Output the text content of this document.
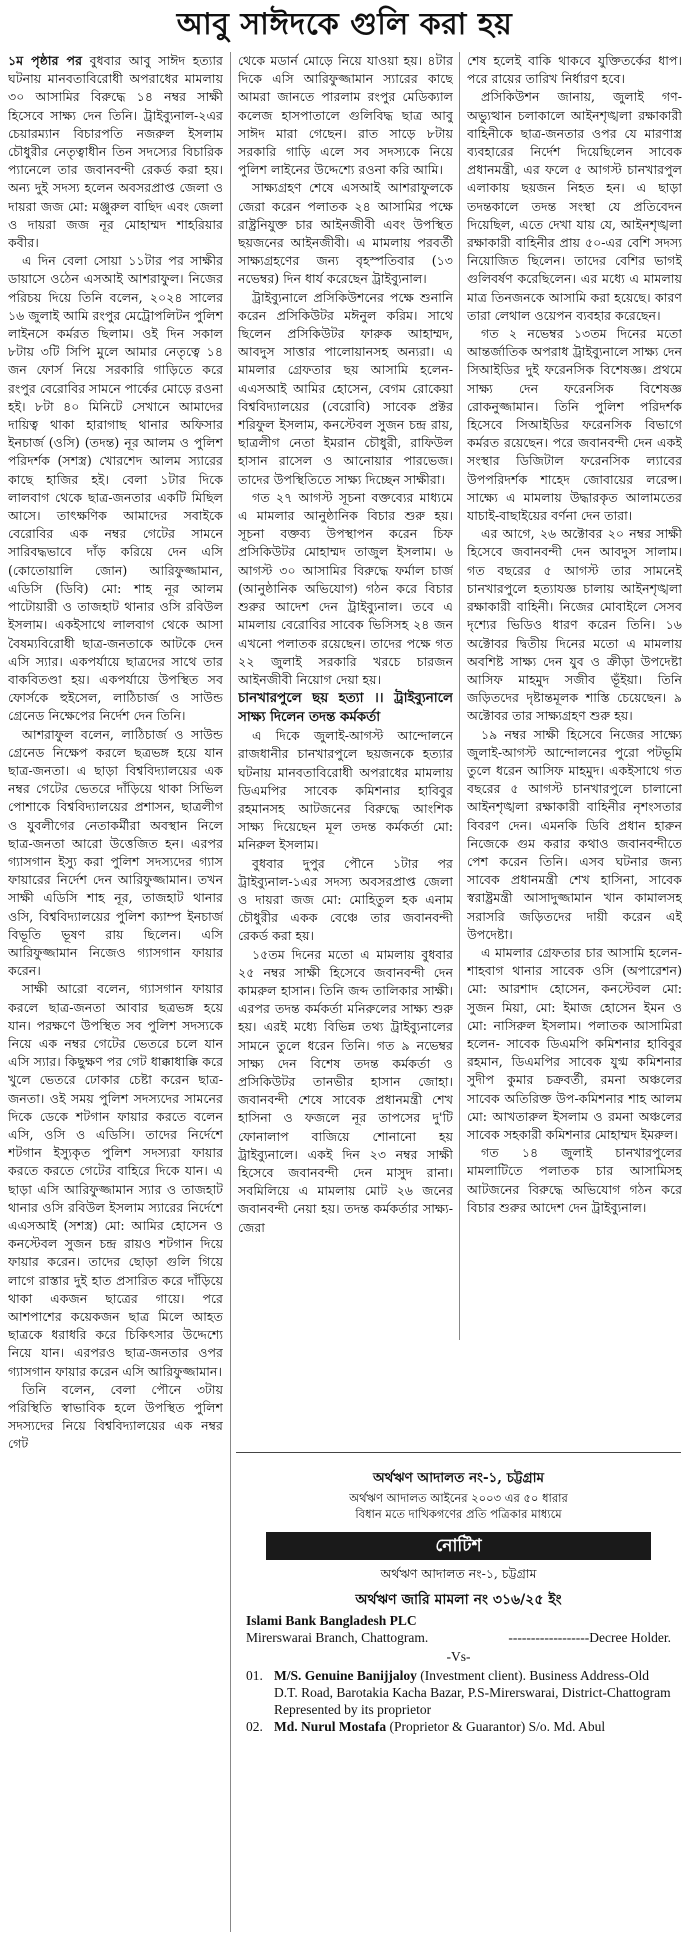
আবু সাঈদকে গুলি করা হয়

১ম পৃষ্ঠার পর বুধবার আবু সাঈদ হত্যার ঘটনায় মানবতাবিরোধী অপরাধের মামলায় ৩০ আসামির বিরুদ্ধে ১৪ নম্বর সাক্ষী হিসেবে সাক্ষ্য দেন তিনি। ট্রাইব্যুনাল-২এর চেয়ারম্যান বিচারপতি নজরুল ইসলাম চৌধুরীর নেতৃত্বাধীন তিন সদস্যের বিচারিক প্যানেলে তার জবানবন্দী রেকর্ড করা হয়। অন্য দুই সদস্য হলেন অবসরপ্রাপ্ত জেলা ও দায়রা জজ মো: মঞ্জুরুল বাছিদ এবং জেলা ও দায়রা জজ নূর মোহাম্মদ শাহরিয়ার কবীর।

এ দিন বেলা সোয়া ১১টার পর সাক্ষীর ডায়াসে ওঠেন এসআই আশরাফুল। নিজের পরিচয় দিয়ে তিনি বলেন, ২০২৪ সালের ১৬ জুলাই আমি রংপুর মেট্রোপলিটন পুলিশ লাইনসে কর্মরত ছিলাম। ওই দিন সকাল ৮টায় ৩টি সিপি মুলে আমার নেতৃত্বে ১৪ জন ফোর্স নিয়ে সরকারি গাড়িতে করে রংপুর বেরোবির সামনে পার্কের মোড়ে রওনা হই। ৮টা ৪০ মিনিটে সেখানে আমাদের দায়িত্ব থাকা হারাগাছ থানার অফিসার ইনচার্জ (ওসি) (তদন্ত) নূর আলম ও পুলিশ পরিদর্শক (সশস্ত্র) খোরশেদ আলম স্যারের কাছে হাজির হই। বেলা ১টার দিকে লালবাগ থেকে ছাত্র-জনতার একটি মিছিল আসে। তাৎক্ষণিক আমাদের সবাইকে বেরোবির এক নম্বর গেটের সামনে সারিবদ্ধভাবে দাঁড় করিয়ে দেন এসি (কোতোয়ালি জোন) আরিফুজ্জামান, এডিসি (ডিবি) মো: শাহ নূর আলম পাটোয়ারী ও তাজহাট থানার ওসি রবিউল ইসলাম। একইসাথে লালবাগ থেকে আসা বৈষম্যবিরোধী ছাত্র-জনতাকে আটকে দেন এসি স্যার। একপর্যায়ে ছাত্রদের সাথে তার বাকবিতণ্ডা হয়। একপর্যায়ে উপস্থিত সব ফোর্সকে হুইসেল, লাঠিচার্জ ও সাউন্ড গ্রেনেড নিক্ষেপের নির্দেশ দেন তিনি।

আশরাফুল বলেন, লাঠিচার্জ ও সাউন্ড গ্রেনেড নিক্ষেপ করলে ছত্রভঙ্গ হয়ে যান ছাত্র-জনতা। এ ছাড়া বিশ্ববিদ্যালয়ের এক নম্বর গেটের ভেতরে দাঁড়িয়ে থাকা সিভিল পোশাকে বিশ্ববিদ্যালয়ের প্রশাসন, ছাত্রলীগ ও যুবলীগের নেতাকর্মীরা অবস্থান নিলে ছাত্র-জনতা আরো উত্তেজিত হন। এরপর গ্যাসগান ইস্যু করা পুলিশ সদস্যদের গ্যাস ফায়ারের নির্দেশ দেন আরিফুজ্জামান। তখন সাক্ষী এডিসি শাহ নূর, তাজহাট থানার ওসি, বিশ্ববিদ্যালয়ের পুলিশ ক্যাম্প ইনচার্জ বিভূতি ভূষণ রায় ছিলেন। এসি আরিফুজ্জামান নিজেও গ্যাসগান ফায়ার করেন।

সাক্ষী আরো বলেন, গ্যাসগান ফায়ার করলে ছাত্র-জনতা আবার ছত্রভঙ্গ হয়ে যান। পরক্ষণে উপস্থিত সব পুলিশ সদস্যকে নিয়ে এক নম্বর গেটের ভেতরে চলে যান এসি স্যার। কিছুক্ষণ পর গেট ধাক্কাধাক্কি করে খুলে ভেতরে ঢোকার চেষ্টা করেন ছাত্র-জনতা। ওই সময় পুলিশ সদস্যদের সামনের দিকে ডেকে শটগান ফায়ার করতে বলেন এসি, ওসি ও এডিসি। তাদের নির্দেশে শটগান ইস্যুকৃত পুলিশ সদস্যরা ফায়ার করতে করতে গেটের বাহিরে দিকে যান। এ ছাড়া এসি আরিফুজ্জামান স্যার ও তাজহাট থানার ওসি রবিউল ইসলাম স্যারের নির্দেশে এএসআই (সশস্ত্র) মো: আমির হোসেন ও কনস্টেবল সুজন চন্দ্র রায়ও শটগান দিয়ে ফায়ার করেন। তাদের ছোড়া গুলি গিয়ে লাগে রাস্তার দুই হাত প্রসারিত করে দাঁড়িয়ে থাকা একজন ছাত্রের গায়ে। পরে আশপাশের কয়েকজন ছাত্র মিলে আহত ছাত্রকে ধরাধরি করে চিকিৎসার উদ্দেশ্যে নিয়ে যান। এরপরও ছাত্র-জনতার ওপর গ্যাসগান ফায়ার করেন এসি আরিফুজ্জামান।

তিনি বলেন, বেলা পৌনে ৩টায় পরিস্থিতি স্বাভাবিক হলে উপস্থিত পুলিশ সদস্যদের নিয়ে বিশ্ববিদ্যালয়ের এক নম্বর গেট

থেকে মডার্ন মোড়ে নিয়ে যাওয়া হয়। ৪টার দিকে এসি আরিফুজ্জামান স্যারের কাছে আমরা জানতে পারলাম রংপুর মেডিক্যাল কলেজ হাসপাতালে গুলিবিদ্ধ ছাত্র আবু সাঈদ মারা গেছেন। রাত সাড়ে ৮টায় সরকারি গাড়ি এলে সব সদস্যকে নিয়ে পুলিশ লাইনের উদ্দেশ্যে রওনা করি আমি।

সাক্ষ্যগ্রহণ শেষে এসআই আশরাফুলকে জেরা করেন পলাতক ২৪ আসামির পক্ষে রাষ্ট্রনিযুক্ত চার আইনজীবী এবং উপস্থিত ছয়জনের আইনজীবী। এ মামলায় পরবর্তী সাক্ষ্যগ্রহণের জন্য বৃহস্পতিবার (১৩ নভেম্বর) দিন ধার্য করেছেন ট্রাইব্যুনাল।

ট্রাইব্যুনালে প্রসিকিউশনের পক্ষে শুনানি করেন প্রসিকিউটর মঈনুল করিম। সাথে ছিলেন প্রসিকিউটর ফারুক আহাম্মদ, আবদুস সাত্তার পালোয়ানসহ অন্যরা। এ মামলার গ্রেফতার ছয় আসামি হলেন- এএসআই আমির হোসেন, বেগম রোকেয়া বিশ্ববিদ্যালয়ের (বেরোবি) সাবেক প্রক্টর শরিফুল ইসলাম, কনস্টেবল সুজন চন্দ্র রায়, ছাত্রলীগ নেতা ইমরান চৌধুরী, রাফিউল হাসান রাসেল ও আনোয়ার পারভেজ। তাদের উপস্থিতিতে সাক্ষ্য দিচ্ছেন সাক্ষীরা।

গত ২৭ আগস্ট সূচনা বক্তব্যের মাধ্যমে এ মামলার আনুষ্ঠানিক বিচার শুরু হয়। সূচনা বক্তব্য উপস্থাপন করেন চিফ প্রসিকিউটর মোহাম্মদ তাজুল ইসলাম। ৬ আগস্ট ৩০ আসামির বিরুদ্ধে ফর্মাল চার্জ (আনুষ্ঠানিক অভিযোগ) গঠন করে বিচার শুরুর আদেশ দেন ট্রাইব্যুনাল। তবে এ মামলায় বেরোবির সাবেক ভিসিসহ ২৪ জন এখনো পলাতক রয়েছেন। তাদের পক্ষে গত ২২ জুলাই সরকারি খরচে চারজন আইনজীবী নিয়োগ দেয়া হয়।

চানখারপুলে ছয় হত্যা ।। ট্রাইব্যুনালে সাক্ষ্য দিলেন তদন্ত কর্মকর্তা

এ দিকে জুলাই-আগস্ট আন্দোলনে রাজধানীর চানখারপুলে ছয়জনকে হত্যার ঘটনায় মানবতাবিরোধী অপরাধের মামলায় ডিএমপির সাবেক কমিশনার হাবিবুর রহমানসহ আটজনের বিরুদ্ধে আংশিক সাক্ষ্য দিয়েছেন মূল তদন্ত কর্মকর্তা মো: মনিরুল ইসলাম।

বুধবার দুপুর পৌনে ১টার পর ট্রাইব্যুনাল-১এর সদস্য অবসরপ্রাপ্ত জেলা ও দায়রা জজ মো: মোহিতুল হক এনাম চৌধুরীর একক বেঞ্চে তার জবানবন্দী রেকর্ড করা হয়।

১৫তম দিনের মতো এ মামলায় বুধবার ২৫ নম্বর সাক্ষী হিসেবে জবানবন্দী দেন কামরুল হাসান। তিনি জব্দ তালিকার সাক্ষী। এরপর তদন্ত কর্মকর্তা মনিরুলের সাক্ষ্য শুরু হয়। এরই মধ্যে বিভিন্ন তথ্য ট্রাইব্যুনালের সামনে তুলে ধরেন তিনি। গত ৯ নভেম্বর সাক্ষ্য দেন বিশেষ তদন্ত কর্মকর্তা ও প্রসিকিউটর তানভীর হাসান জোহা। জবানবন্দী শেষে সাবেক প্রধানমন্ত্রী শেখ হাসিনা ও ফজলে নূর তাপসের দু'টি ফোনালাপ বাজিয়ে শোনানো হয় ট্রাইব্যুনালে। একই দিন ২৩ নম্বর সাক্ষী হিসেবে জবানবন্দী দেন মাসুদ রানা। সবমিলিয়ে এ মামলায় মোট ২৬ জনের জবানবন্দী নেয়া হয়। তদন্ত কর্মকর্তার সাক্ষ্য-জেরা

শেষ হলেই বাকি থাকবে যুক্তিতর্কের ধাপ। পরে রায়ের তারিখ নির্ধারণ হবে।

প্রসিকিউশন জানায়, জুলাই গণ-অভ্যুত্থান চলাকালে আইনশৃঙ্খলা রক্ষাকারী বাহিনীকে ছাত্র-জনতার ওপর যে মারণাস্ত্র ব্যবহারের নির্দেশ দিয়েছিলেন সাবেক প্রধানমন্ত্রী, এর ফলে ৫ আগস্ট চানখারপুল এলাকায় ছয়জন নিহত হন। এ ছাড়া তদন্তকালে তদন্ত সংস্থা যে প্রতিবেদন দিয়েছিল, এতে দেখা যায় যে, আইনশৃঙ্খলা রক্ষাকারী বাহিনীর প্রায় ৫০-এর বেশি সদস্য নিয়োজিত ছিলেন। তাদের বেশির ভাগই গুলিবর্ষণ করেছিলেন। এর মধ্যে এ মামলায় মাত্র তিনজনকে আসামি করা হয়েছে। কারণ তারা লেথাল ওয়েপন ব্যবহার করেছেন।

গত ২ নভেম্বর ১৩তম দিনের মতো আন্তর্জাতিক অপরাধ ট্রাইব্যুনালে সাক্ষ্য দেন সিআইডির দুই ফরেনসিক বিশেষজ্ঞ। প্রথমে সাক্ষ্য দেন ফরেনসিক বিশেষজ্ঞ রোকনুজ্জামান। তিনি পুলিশ পরিদর্শক হিসেবে সিআইডির ফরেনসিক বিভাগে কর্মরত রয়েছেন। পরে জবানবন্দী দেন একই সংস্থার ডিজিটাল ফরেনসিক ল্যাবের উপপরিদর্শক শাহেদ জোবায়ের লরেন্স। সাক্ষ্যে এ মামলায় উদ্ধারকৃত আলামতের যাচাই-বাছাইয়ের বর্ণনা দেন তারা।

এর আগে, ২৬ অক্টোবর ২০ নম্বর সাক্ষী হিসেবে জবানবন্দী দেন আবদুস সালাম। গত বছরের ৫ আগস্ট তার সামনেই চানখারপুলে হত্যাযজ্ঞ চালায় আইনশৃঙ্খলা রক্ষাকারী বাহিনী। নিজের মোবাইলে সেসব দৃশ্যের ভিডিও ধারণ করেন তিনি। ১৬ অক্টোবর দ্বিতীয় দিনের মতো এ মামলায় অবশিষ্ট সাক্ষ্য দেন যুব ও ক্রীড়া উপদেষ্টা আসিফ মাহমুদ সজীব ভূঁইয়া। তিনি জড়িতদের দৃষ্টান্তমূলক শাস্তি চেয়েছেন। ৯ অক্টোবর তার সাক্ষ্যগ্রহণ শুরু হয়।

১৯ নম্বর সাক্ষী হিসেবে নিজের সাক্ষ্যে জুলাই-আগস্ট আন্দোলনের পুরো পটভূমি তুলে ধরেন আসিফ মাহমুদ। একইসাথে গত বছরের ৫ আগস্ট চানখারপুলে চালানো আইনশৃঙ্খলা রক্ষাকারী বাহিনীর নৃশংসতার বিবরণ দেন। এমনকি ডিবি প্রধান হারুন নিজেকে গুম করার কথাও জবানবন্দীতে পেশ করেন তিনি। এসব ঘটনার জন্য সাবেক প্রধানমন্ত্রী শেখ হাসিনা, সাবেক স্বরাষ্ট্রমন্ত্রী আসাদুজ্জামান খান কামালসহ সরাসরি জড়িতদের দায়ী করেন এই উপদেষ্টা।

এ মামলার গ্রেফতার চার আসামি হলেন- শাহবাগ থানার সাবেক ওসি (অপারেশন) মো: আরশাদ হোসেন, কনস্টেবল মো: সুজন মিয়া, মো: ইমাজ হোসেন ইমন ও মো: নাসিরুল ইসলাম। পলাতক আসামিরা হলেন- সাবেক ডিএমপি কমিশনার হাবিবুর রহমান, ডিএমপির সাবেক যুগ্ম কমিশনার সুদীপ কুমার চক্রবর্তী, রমনা অঞ্চলের সাবেক অতিরিক্ত উপ-কমিশনার শাহ আলম মো: আখতারুল ইসলাম ও রমনা অঞ্চলের সাবেক সহকারী কমিশনার মোহাম্মদ ইমরুল।

গত ১৪ জুলাই চানখারপুলের মামলাটিতে পলাতক চার আসামিসহ আটজনের বিরুদ্ধে অভিযোগ গঠন করে বিচার শুরুর আদেশ দেন ট্রাইব্যুনাল।

অর্থঋণ আদালত নং-১, চট্টগ্রাম
অর্থঋণ আদালত আইনের ২০০৩ এর ৫০ ধারার
বিধান মতে দাখিকগণের প্রতি পত্রিকার মাধ্যমে
নোটিশ
অর্থঋণ আদালত নং-১, চট্টগ্রাম
অর্থঋণ জারি মামলা নং ৩১৬/২৫ ইং
Islami Bank Bangladesh PLC
Mirerswarai Branch, Chattogram.	------------------Decree Holder.
-Vs-
01. M/S. Genuine Banijjaloy (Investment client). Business Address-Old D.T. Road, Barotakia Kacha Bazar, P.S-Mirerswarai, District-Chattogram Represented by its proprietor
02. Md. Nurul Mostafa (Proprietor & Guarantor) S/o. Md. Abul
